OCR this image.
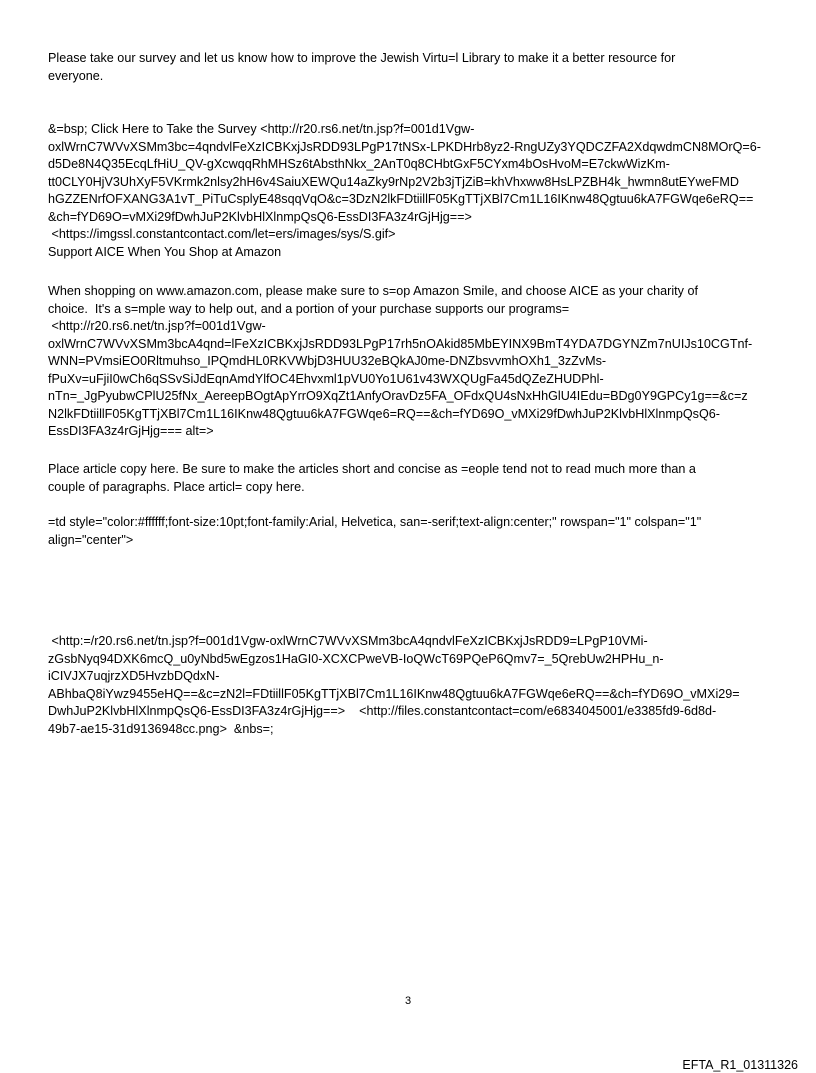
Please take our survey and let us know how to improve the Jewish Virtu=l Library to make it a better resource for
everyone.

&=bsp; Click Here to Take the Survey <http://r20.rs6.net/tn.jsp?f=001d1Vgw-
oxlWrnC7WVvXSMm3bc=4qndvlFeXzICBKxjJsRDD93LPgP17tNSx-LPKDHrb8yz2-RngUZy3YQDCZFA2XdqwdmCN8MOrQ=6-
d5De8N4Q35EcqLfHiU_QV-gXcwqqRhMHSz6tAbsthNkx_2AnT0q8CHbtGxF5CYxm4bOsHvoM=E7ckwWizKm-
tt0CLY0HjV3UhXyF5VKrmk2nlsy2hH6v4SaiuXEWQu14aZky9rNp2V2b3jTjZiB=khVhxww8HsLPZBH4k_hwmn8utEYweFMD
hGZZENrfOFXANG3A1vT_PiTuCsplyE48sqqVqO&c=3DzN2lkFDtiillF05KgTTjXBl7Cm1L16IKnw48Qgtuu6kA7FGWqe6eRQ==
&ch=fYD69O=vMXi29fDwhJuP2KlvbHlXlnmpQsQ6-EssDI3FA3z4rGjHjg==>
<https://imgssl.constantcontact.com/let=ers/images/sys/S.gif>
Support AICE When You Shop at Amazon

When shopping on www.amazon.com, please make sure to s=op Amazon Smile, and choose AICE as your charity of
choice.  It's a s=mple way to help out, and a portion of your purchase supports our programs=
<http://r20.rs6.net/tn.jsp?f=001d1Vgw-
oxlWrnC7WVvXSMm3bcA4qnd=lFeXzICBKxjJsRDD93LPgP17rh5nOAkid85MbEYINX9BmT4YDA7DGYNZm7nUIJs10CGTnf-
WNN=PVmsiEO0Rltmuhso_IPQmdHL0RKVWbjD3HUU32eBQkAJ0me-DNZbsvvmhOXh1_3zZvMs-
fPuXv=uFjiI0wCh6qSSvSiJdEqnAmdYlfOC4Ehvxml1pVU0Yo1U61v43WXQUgFa45dQZeZHUDPhl-
nTn=_JgPyubwCPlU25fNx_AereepBOgtApYrrO9XqZt1AnfyOravDz5FA_OFdxQU4sNxHhGlU4IEdu=BDg0Y9GPCy1g==&c=z
N2lkFDtiillF05KgTTjXBl7Cm1L16IKnw48Qgtuu6kA7FGWqe6=RQ==&ch=fYD69O_vMXi29fDwhJuP2KlvbHlXlnmpQsQ6-
EssDI3FA3z4rGjHjg=== alt=>

Place article copy here. Be sure to make the articles short and concise as =eople tend not to read much more than a
couple of paragraphs. Place articl= copy here.

=td style="color:#ffffff;font-size:10pt;font-family:Arial, Helvetica, san=-serif;text-align:center;" rowspan="1" colspan="1"
align="center">

<http:=/r20.rs6.net/tn.jsp?f=001d1Vgw-oxlWrnC7WVvXSMm3bcA4qndvlFeXzICBKxjJsRDD9=LPgP10VMi-
zGsbNyq94DXK6mcQ_u0yNbd5wEgzos1HaGI0-XCXCPweVB-IoQWcT69PQeP6Qmv7=_5QrebUw2HPHu_n-
iCIVJX7uqjrzXD5HvzbDQdxN-
ABhbaQ8iYwz9455eHQ==&c=zN2l=FDtiillF05KgTTjXBl7Cm1L16IKnw48Qgtuu6kA7FGWqe6eRQ==&ch=fYD69O_vMXi29=
DwhJuP2KlvbHlXlnmpQsQ6-EssDI3FA3z4rGjHjg==>    <http://files.constantcontact=com/e6834045001/e3385fd9-6d8d-
49b7-ae15-31d9136948cc.png>  &nbs=;

3
EFTA_R1_01311326
